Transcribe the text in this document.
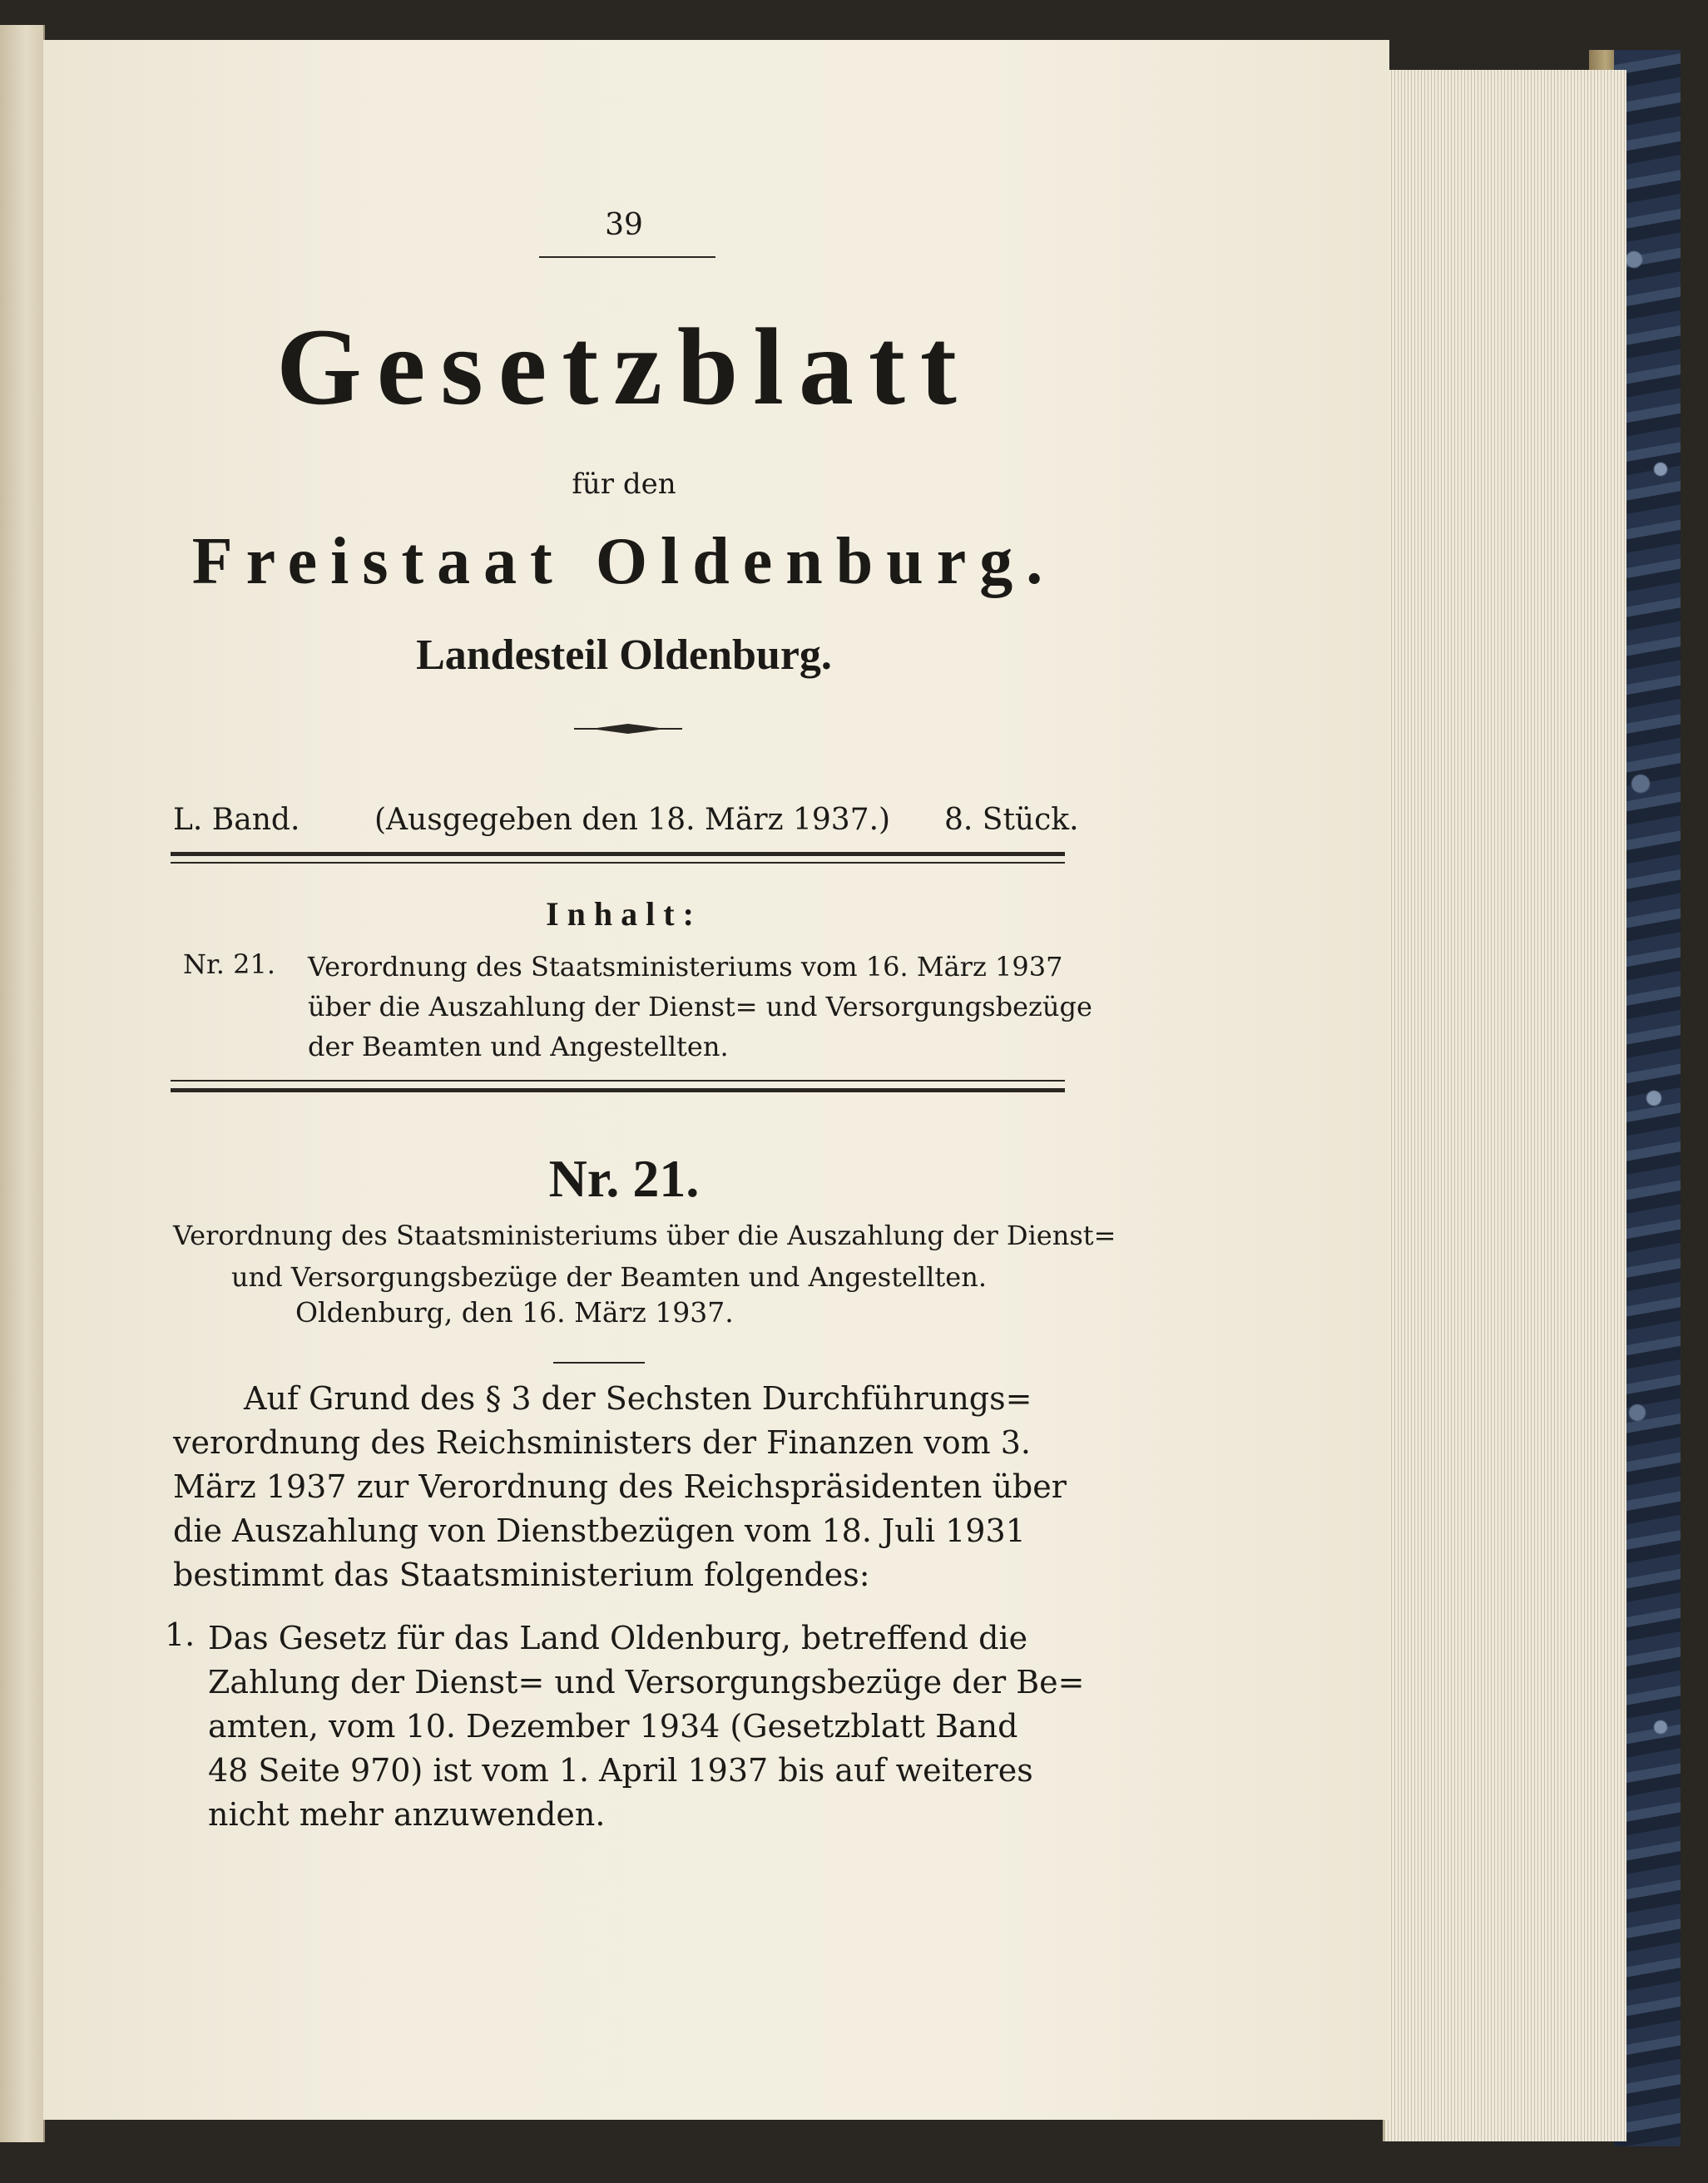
39
Gesetzblatt
für den
Freistaat Oldenburg.
Landesteil Oldenburg.
L. Band. (Ausgegeben den 18. März 1937.) 8. Stück.
Inhalt:
Nr. 21. Verordnung des Staatsministeriums vom 16. März 1937
über die Auszahlung der Dienst= und Versorgungsbezüge
der Beamten und Angestellten.
Nr. 21.
Verordnung des Staatsministeriums über die Auszahlung der Dienst=
und Versorgungsbezüge der Beamten und Angestellten.
Oldenburg, den 16. März 1937.
Auf Grund des § 3 der Sechsten Durchführungs=
verordnung des Reichsministers der Finanzen vom 3.
März 1937 zur Verordnung des Reichspräsidenten über
die Auszahlung von Dienstbezügen vom 18. Juli 1931
bestimmt das Staatsministerium folgendes:
1. Das Gesetz für das Land Oldenburg, betreffend die
Zahlung der Dienst= und Versorgungsbezüge der Be=
amten, vom 10. Dezember 1934 (Gesetzblatt Band
48 Seite 970) ist vom 1. April 1937 bis auf weiteres
nicht mehr anzuwenden.
